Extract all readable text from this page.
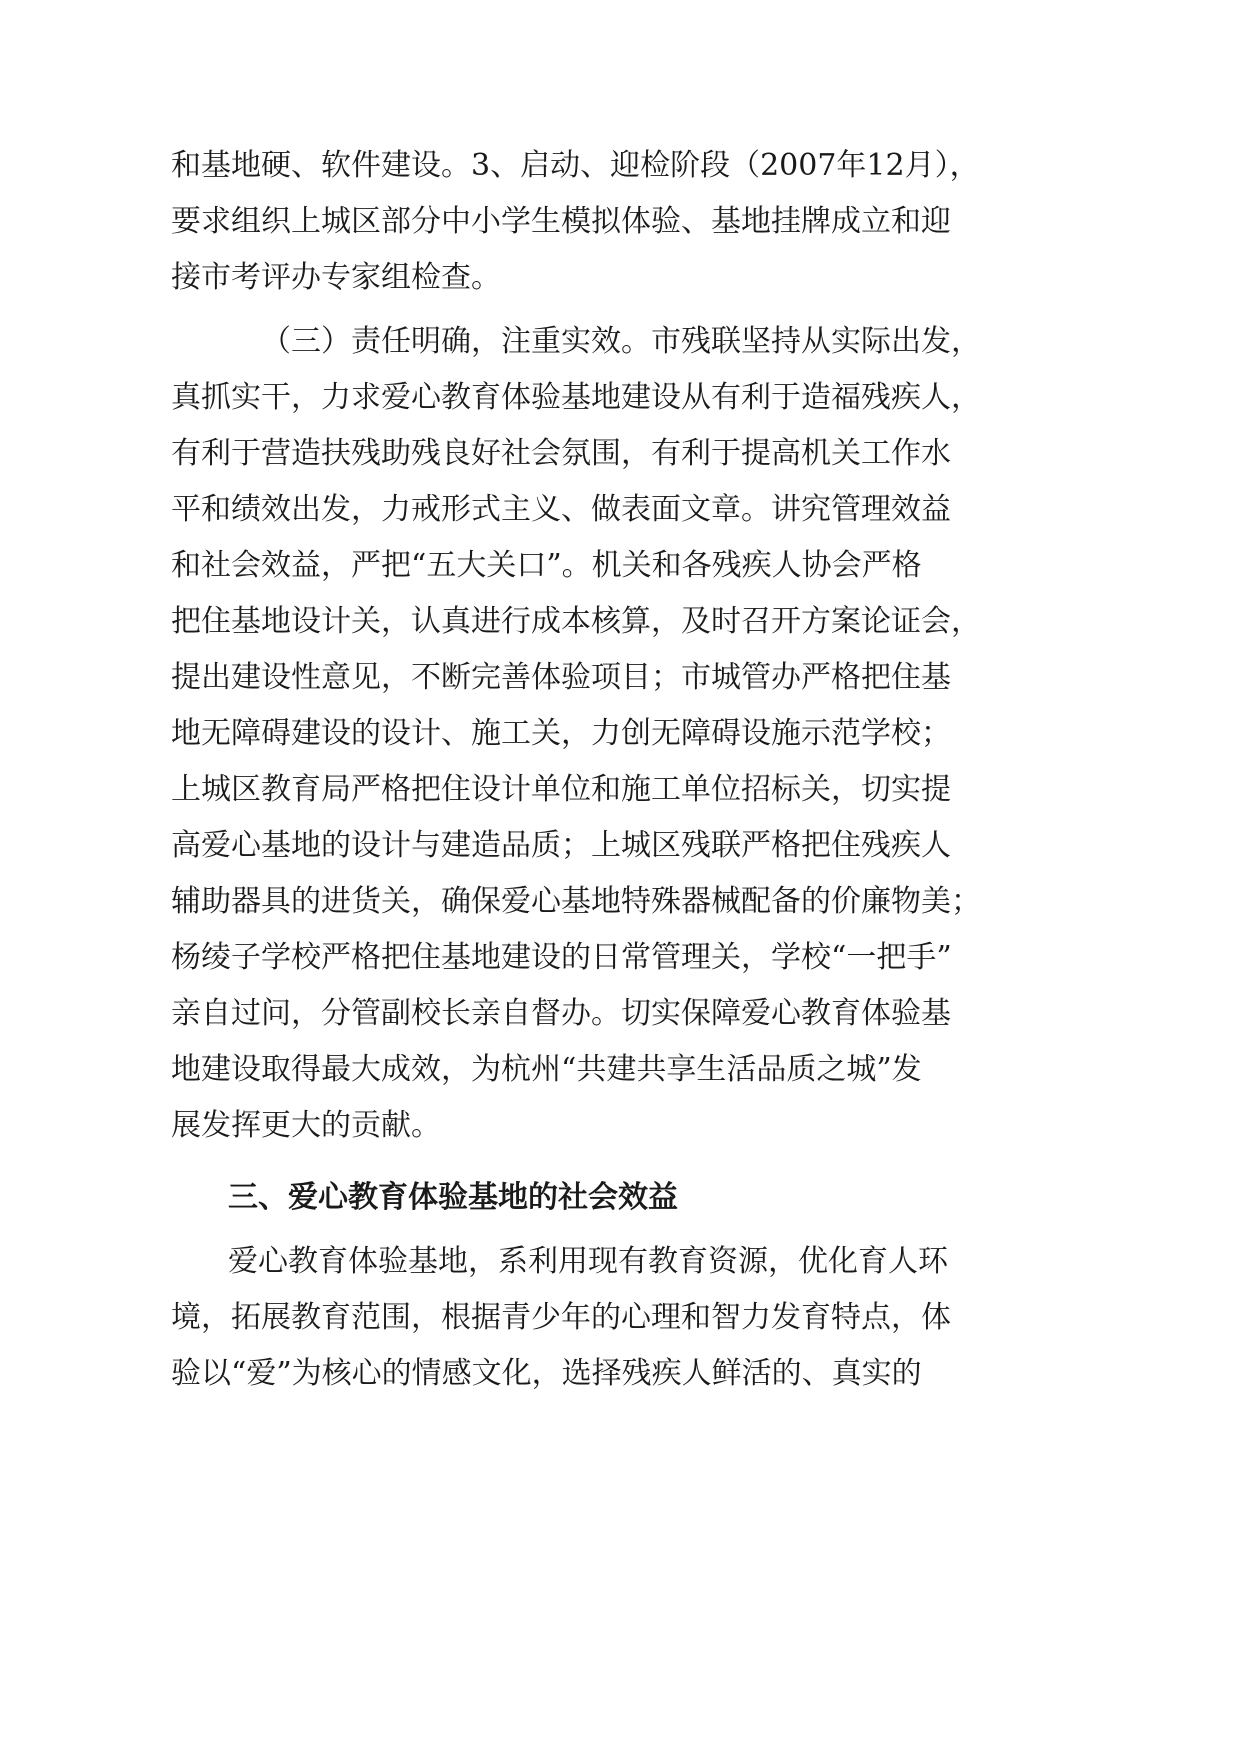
和基地硬、软件建设。3、启动、迎检阶段（2007年12月），
要求组织上城区部分中小学生模拟体验、基地挂牌成立和迎
接市考评办专家组检查。
（三）责任明确，注重实效。市残联坚持从实际出发，
真抓实干，力求爱心教育体验基地建设从有利于造福残疾人，
有利于营造扶残助残良好社会氛围，有利于提高机关工作水
平和绩效出发，力戒形式主义、做表面文章。讲究管理效益
和社会效益，严把“五大关口”。机关和各残疾人协会严格
把住基地设计关，认真进行成本核算，及时召开方案论证会，
提出建设性意见，不断完善体验项目；市城管办严格把住基
地无障碍建设的设计、施工关，力创无障碍设施示范学校；
上城区教育局严格把住设计单位和施工单位招标关，切实提
高爱心基地的设计与建造品质；上城区残联严格把住残疾人
辅助器具的进货关，确保爱心基地特殊器械配备的价廉物美；
杨绫子学校严格把住基地建设的日常管理关，学校“一把手”
亲自过问，分管副校长亲自督办。切实保障爱心教育体验基
地建设取得最大成效，为杭州“共建共享生活品质之城”发
展发挥更大的贡献。
三、爱心教育体验基地的社会效益
爱心教育体验基地，系利用现有教育资源，优化育人环
境，拓展教育范围，根据青少年的心理和智力发育特点，体
验以“爱”为核心的情感文化，选择残疾人鲜活的、真实的
